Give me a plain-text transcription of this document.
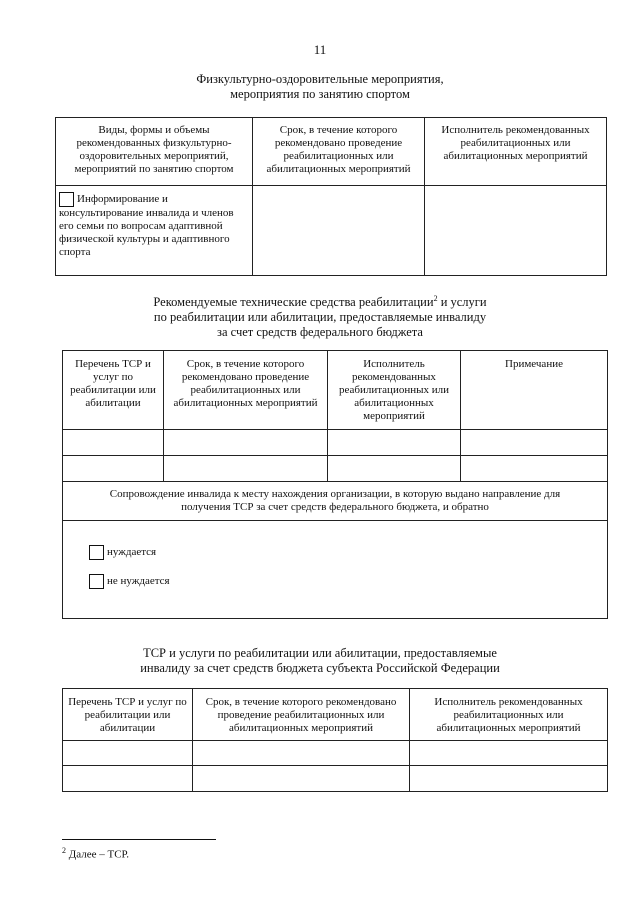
11
Физкультурно-оздоровительные мероприятия,
мероприятия по занятию спортом
Виды, формы и объемы рекомендованных физкультурно-оздоровительных мероприятий, мероприятий по занятию спортом	Срок, в течение которого рекомендовано проведение реабилитационных или абилитационных мероприятий	Исполнитель рекомендованных реабилитационных или абилитационных мероприятий
Информирование и консультирование инвалида и членов его семьи по вопросам адаптивной физической культуры и адаптивного спорта		
Рекомендуемые технические средства реабилитации$^2$ и услуги
по реабилитации или абилитации, предоставляемые инвалиду
за счет средств федерального бюджета
Перечень ТСР и услуг по реабилитации или абилитации	Срок, в течение которого рекомендовано проведение реабилитационных или абилитационных мероприятий	Исполнитель рекомендованных реабилитационных или абилитационных мероприятий	Примечание

Сопровождение инвалида к месту нахождения организации, в которую выдано направление для получения ТСР за счет средств федерального бюджета, и обратно			

нуждается
не нуждается			
ТСР и услуги по реабилитации или абилитации, предоставляемые
инвалиду за счет средств бюджета субъекта Российской Федерации
Перечень ТСР и услуг по реабилитации или абилитации	Срок, в течение которого рекомендовано проведение реабилитационных или абилитационных мероприятий	Исполнитель рекомендованных реабилитационных или абилитационных мероприятий

$^2$ Далее – ТСР.
